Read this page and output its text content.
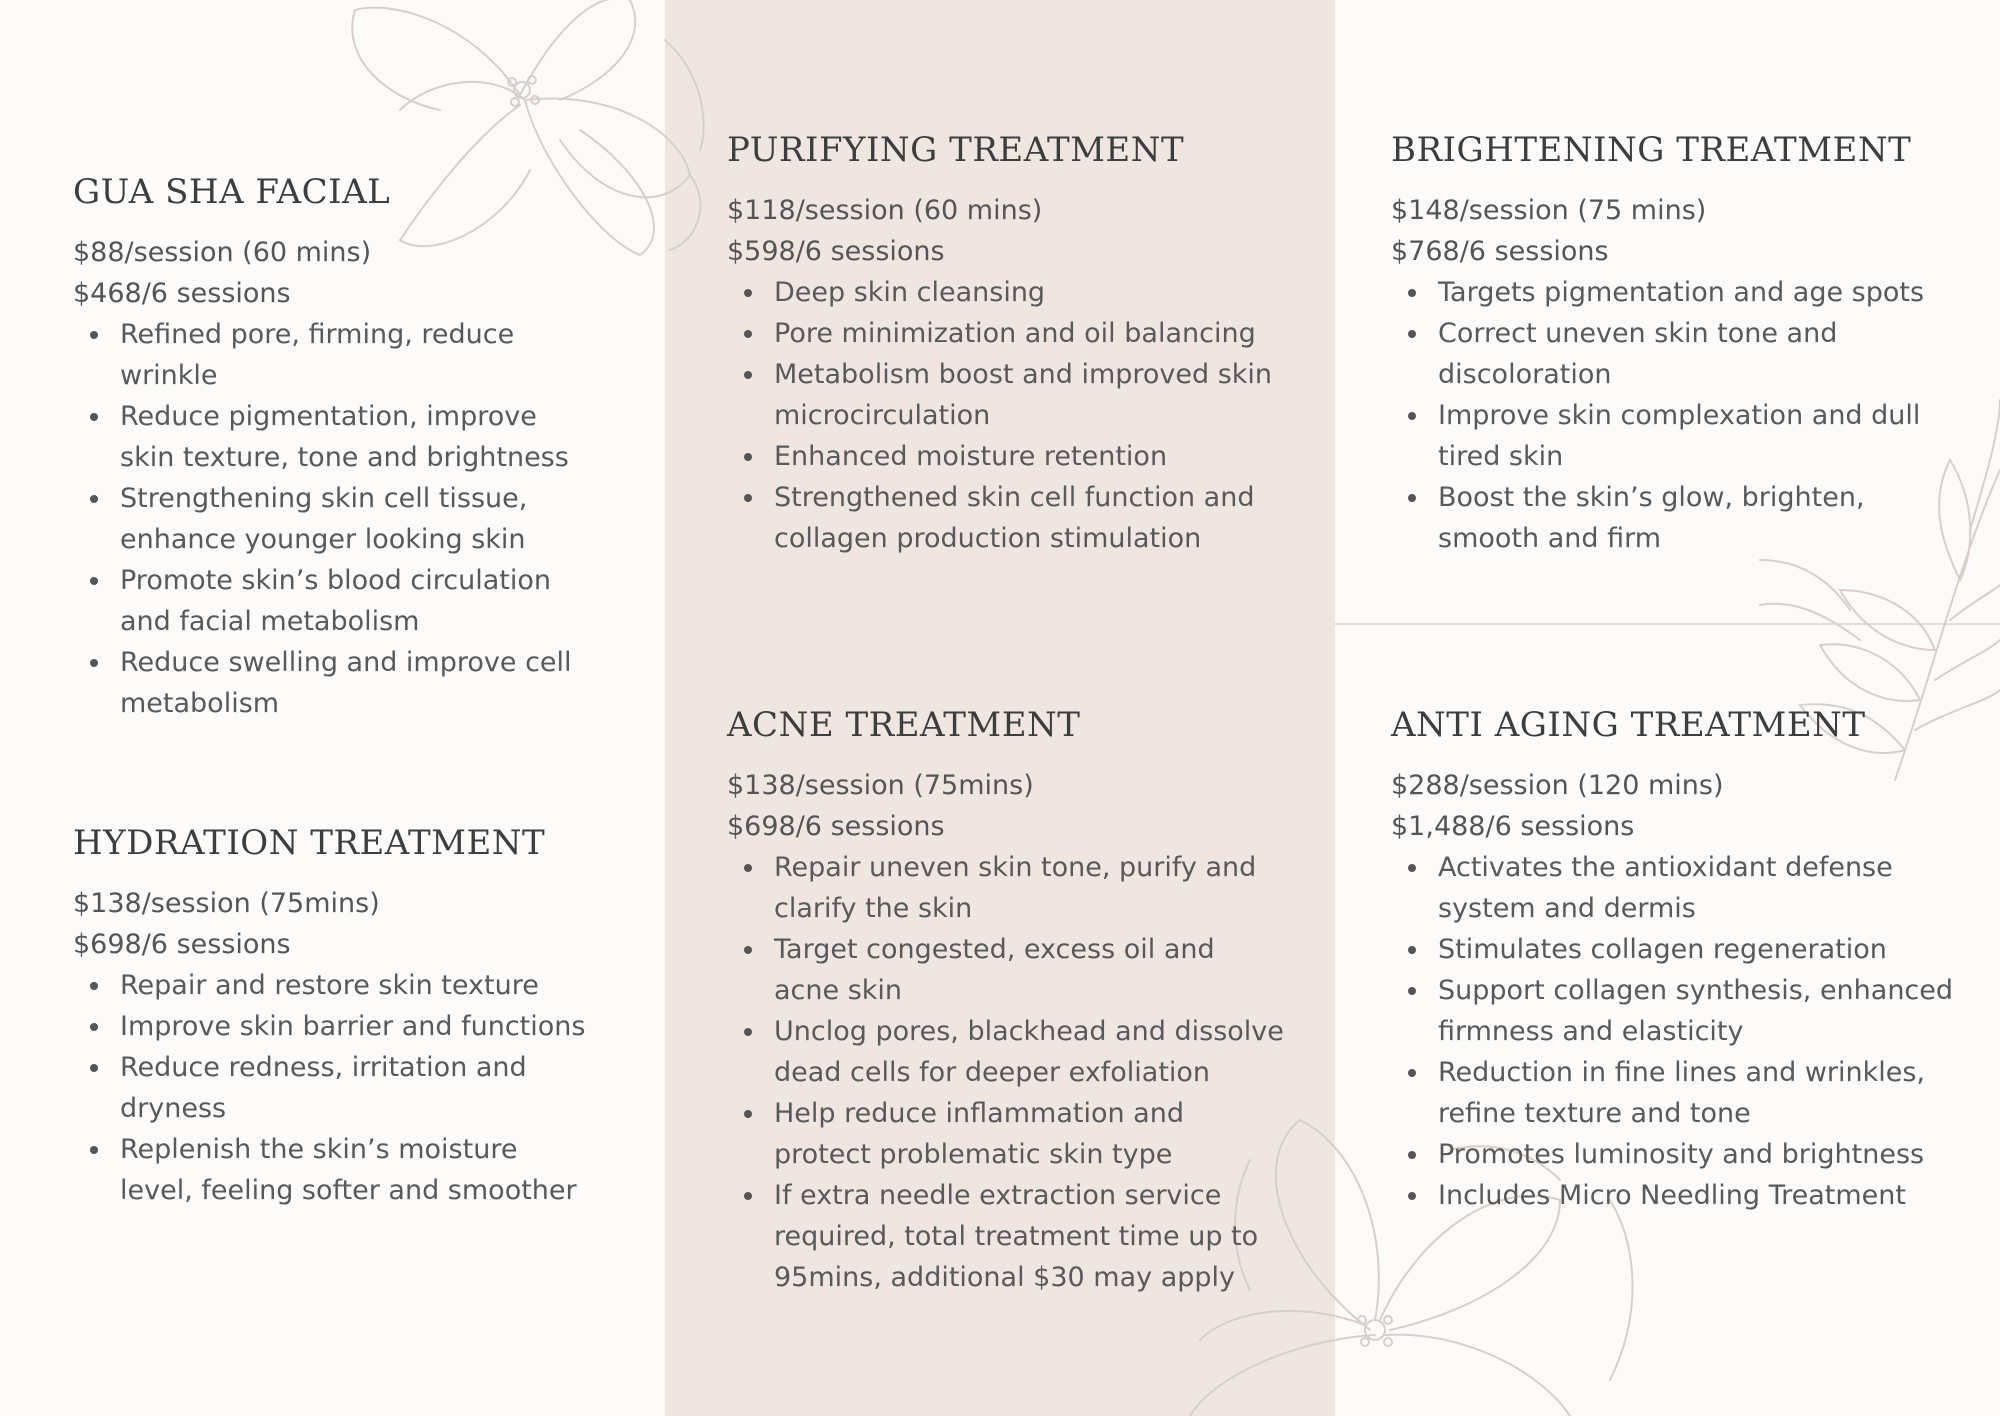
GUA SHA FACIAL
$88/session (60 mins)
$468/6 sessions
Refined pore, firming, reduce wrinkle
Reduce pigmentation, improve skin texture, tone and brightness
Strengthening skin cell tissue, enhance younger looking skin
Promote skin’s blood circulation and facial metabolism
Reduce swelling and improve cell metabolism
HYDRATION TREATMENT
$138/session (75mins)
$698/6 sessions
Repair and restore skin texture
Improve skin barrier and functions
Reduce redness, irritation and dryness
Replenish the skin’s moisture level, feeling softer and smoother
PURIFYING TREATMENT
$118/session (60 mins)
$598/6 sessions
Deep skin cleansing
Pore minimization and oil balancing
Metabolism boost and improved skin microcirculation
Enhanced moisture retention
Strengthened skin cell function and collagen production stimulation
ACNE TREATMENT
$138/session (75mins)
$698/6 sessions
Repair uneven skin tone, purify and clarify the skin
Target congested, excess oil and acne skin
Unclog pores, blackhead and dissolve dead cells for deeper exfoliation
Help reduce inflammation and protect problematic skin type
If extra needle extraction service required, total treatment time up to 95mins, additional $30 may apply
BRIGHTENING TREATMENT
$148/session (75 mins)
$768/6 sessions
Targets pigmentation and age spots
Correct uneven skin tone and discoloration
Improve skin complexation and dull tired skin
Boost the skin’s glow, brighten, smooth and firm
ANTI AGING TREATMENT
$288/session (120 mins)
$1,488/6 sessions
Activates the antioxidant defense system and dermis
Stimulates collagen regeneration
Support collagen synthesis, enhanced firmness and elasticity
Reduction in fine lines and wrinkles, refine texture and tone
Promotes luminosity and brightness
Includes Micro Needling Treatment
